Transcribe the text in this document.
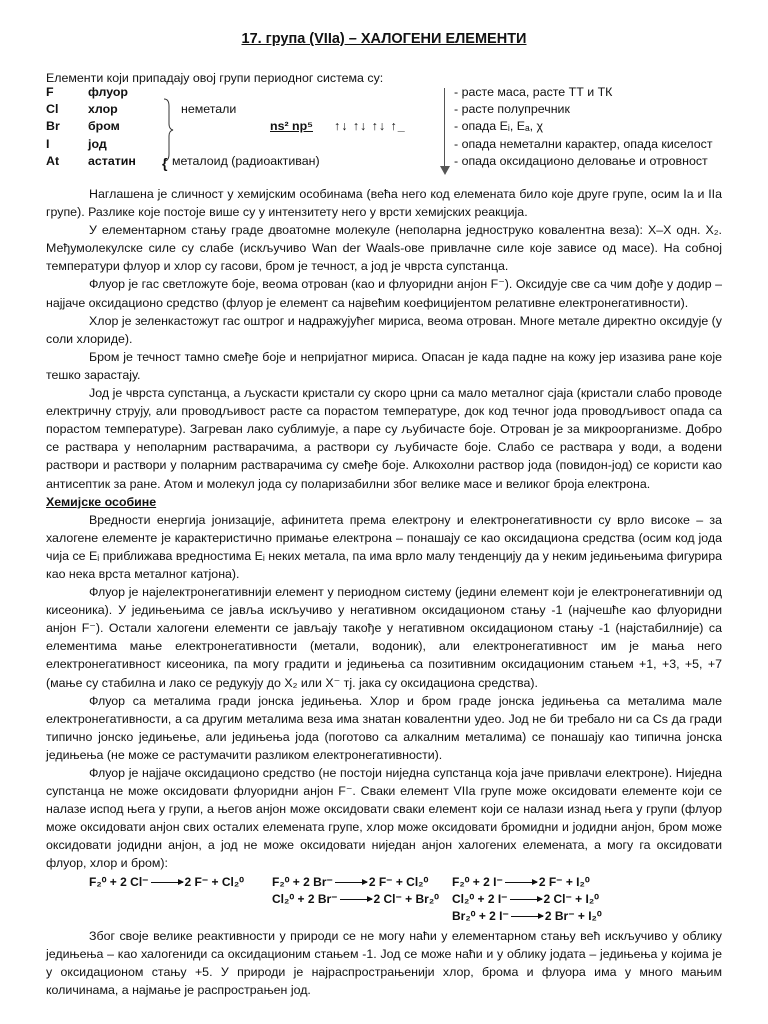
17. група (VIIa) – ХАЛОГЕНИ ЕЛЕМЕНТИ
Елементи који припадају овој групи периодног система су:
F	флуор
Cl хлор
Br бром
I	јод
At астатин
неметали
ns² np⁵ ↑↓ ↑↓ ↑↓ ↑_
{ металоид (радиоактиван)
- расте маса, расте ТТ и ТК
- расте полупречник
- опада Eᵢ, Eₐ, χ
- опада неметални карактер, опада киселост
- опада оксидационо деловање и отровност

Наглашена је сличност у хемијским особинама (већа него код елемената било које друге групе, осим Ia и IIa групе). Разлике које постоје више су у интензитету него у врсти хемијских реакција.

У елементарном стању граде двоатомне молекуле (неполарна једноструко ковалентна веза): X–X одн. X₂. Међумолекулске силе су слабе (искључиво Wan der Waals-ове привлачне силе које зависе од масе). На собној температури флуор и хлор су гасови, бром је течност, а јод је чврста супстанца.

Флуор је гас светложуте боје, веома отрован (као и флуоридни анјон F⁻). Оксидује све са чим дође у додир – најјаче оксидационо средство (флуор је елемент са највећим коефицијентом релативне електронегативности).

Хлор је зеленкастожут гас оштрог и надражујућег мириса, веома отрован. Многе метале директно оксидује (у соли хлориде).

Бром је течност тамно смеђе боје и непријатног мириса. Опасан је када падне на кожу јер изазива ране које тешко зарастају.

Јод је чврста супстанца, а љускасти кристали су скоро црни са мало металног сјаја (кристали слабо проводе електричну струју, али проводљивост расте са порастом температуре, док код течног јода проводљивост опада са порастом температуре). Загреван лако сублимује, а паре су љубичасте боје. Отрован је за микроорганизме. Добро се раствара у неполарним растварачима, а раствори су љубичасте боје. Слабо се раствара у води, а водени раствори и раствори у поларним растварачима су смеђе боје. Алкохолни раствор јода (повидон-јод) се користи као антисептик за ране. Атом и молекул јода су поларизабилни због велике масе и великог броја електрона.

Хемијске особине

Вредности енергија јонизације, афинитета према електрону и електронегативности су врло високе – за халогене елементе је карактеристично примање електрона – понашају се као оксидациона средства (осим код јода чија се Eᵢ приближава вредностима Eᵢ неких метала, па има врло малу тенденцију да у неким једињењима фигурира као нека врста металног катјона).

Флуор је најелектронегативнији елемент у периодном систему (једини елемент који је електронегативнији од кисеоника). У једињењима се јавља искључиво у негативном оксидационом стању -1 (најчешће као флуоридни анјон F⁻). Остали халогени елементи се јављају такође у негативном оксидационом стању -1 (најстабилније) са елементима мање електронегативности (метали, водоник), али електронегативност им је мања него електронегативност кисеоника, па могу градити и једињења са позитивним оксидационим стањем +1, +3, +5, +7 (мање су стабилна и лако се редукују до X₂ или X⁻ тј. јака су оксидациона средства).

Флуор са металима гради јонска једињења. Хлор и бром граде јонска једињења са металима мале електронегативности, а са другим металима веза има знатан ковалентни удео. Јод не би требало ни са Cs да гради типично јонско једињење, али једињења јода (поготово са алкалним металима) се понашају као типична јонска једињења (не може се растумачити разликом електронегативности).

Флуор је најјаче оксидационо средство (не постоји ниједна супстанца која јаче привлачи електроне). Ниједна супстанца не може оксидовати флуоридни анјон F⁻. Сваки елемент VIIa групе може оксидовати елементе који се налазе испод њега у групи, а његов анјон може оксидовати сваки елемент који се налази изнад њега у групи (флуор може оксидовати анјон свих осталих елемената групе, хлор може оксидовати бромидни и јодидни анјон, бром може оксидовати јодидни анјон, а јод не може оксидовати ниједан анјон халогених елемената, а могу га оксидовати флуор, хлор и бром):

F₂⁰ + 2 Cl⁻ → 2 F⁻ + Cl₂⁰ F₂⁰ + 2 Br⁻ → 2 F⁻ + Cl₂⁰
Cl₂⁰ + 2 Br⁻ → 2 Cl⁻ + Br₂⁰
F₂⁰ + 2 I⁻ → 2 F⁻ + I₂⁰
Cl₂⁰ + 2 I⁻ → 2 Cl⁻ + I₂⁰
Br₂⁰ + 2 I⁻ → 2 Br⁻ + I₂⁰

Због своје велике реактивности у природи се не могу наћи у елементарном стању већ искључиво у облику једињења – као халогениди са оксидационим стањем -1. Јод се може наћи и у облику јодата – једињења у којима је у оксидационом стању +5. У природи је најраспрострањенији хлор, брома и флуора има у много мањим количинама, а најмање је распрострањен јод.
